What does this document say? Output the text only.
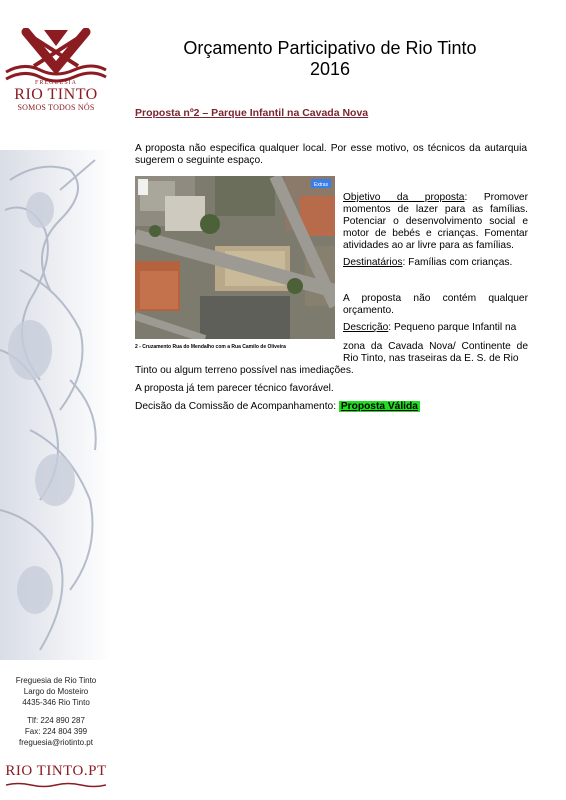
FREGUESIA
RIO TINTO
SOMOS TODOS NÓS
Freguesia de Rio Tinto
Largo do Mosteiro
4435-346 Rio Tinto
Tlf: 224 890 287
Fax: 224 804 399
freguesia@riotinto.pt
RIO TINTO.PT
Orçamento Participativo de Rio Tinto
2016
Proposta nº2 – Parque Infantil na Cavada Nova
A proposta não especifica qualquer local. Por esse motivo, os técnicos da autarquia sugerem o seguinte espaço.
Extras
2 - Cruzamento Rua do Mendalho com a Rua Camilo de Oliveira
Objetivo da proposta: Promover momentos de lazer para as famílias. Potenciar o desenvolvimento social e motor de bebés e crianças. Fomentar atividades ao ar livre para as famílias.
Destinatários: Famílias com crianças.
A proposta não contém qualquer orçamento.
Descrição: Pequeno parque Infantil na
zona da Cavada Nova/ Continente de Rio Tinto, nas traseiras da E. S. de Rio
Tinto ou algum terreno possível nas imediações.
A proposta já tem parecer técnico favorável.
Decisão da Comissão de Acompanhamento: Proposta Válida
